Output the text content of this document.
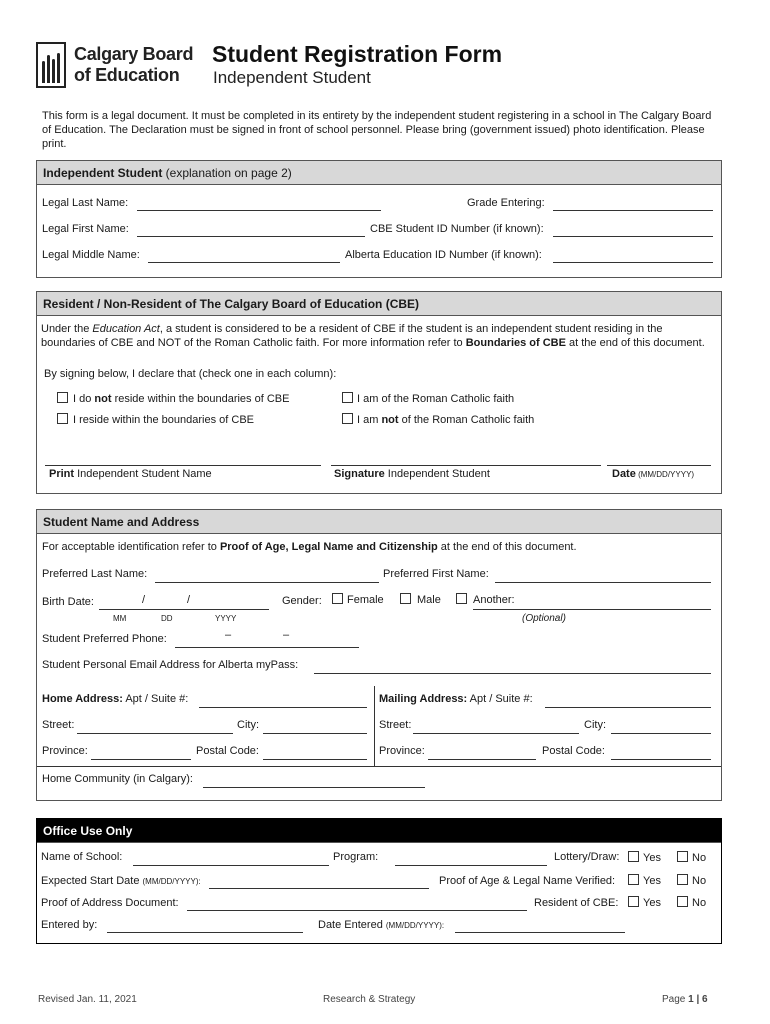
Calgary Board
of Education
Student Registration Form
Independent Student
This form is a legal document. It must be completed in its entirety by the independent student registering in a school in The Calgary Board of Education. The Declaration must be signed in front of school personnel. Please bring (government issued) photo identification. Please print.
Independent Student (explanation on page 2)
Legal Last Name:	Grade Entering:
Legal First Name:	CBE Student ID Number (if known):
Legal Middle Name:	Alberta Education ID Number (if known):
Resident / Non-Resident of The Calgary Board of Education (CBE)
Under the Education Act, a student is considered to be a resident of CBE if the student is an independent student residing in the boundaries of CBE and NOT of the Roman Catholic faith. For more information refer to Boundaries of CBE at the end of this document.
By signing below, I declare that (check one in each column):
I do not reside within the boundaries of CBE
I reside within the boundaries of CBE
I am of the Roman Catholic faith
I am not of the Roman Catholic faith
Print Independent Student Name	Signature Independent Student	Date (MM/DD/YYYY)
Student Name and Address
For acceptable identification refer to Proof of Age, Legal Name and Citizenship at the end of this document.
Preferred Last Name:	Preferred First Name:
Birth Date:	/	/
MM	DD	YYYY
Gender: Female	Male	Another:
(Optional)
Student Preferred Phone:	–	–
Student Personal Email Address for Alberta myPass:
Home Address: Apt / Suite #:	Mailing Address: Apt / Suite #:
Street:	City:	Street:	City:
Province:	Postal Code:	Province:	Postal Code:
Home Community (in Calgary):
Office Use Only
Name of School:	Program:	Lottery/Draw: Yes	No
Expected Start Date (MM/DD/YYYY):	Proof of Age & Legal Name Verified:	Yes	No
Proof of Address Document:	Resident of CBE: Yes	No
Entered by:	Date Entered (MM/DD/YYYY):
Revised Jan. 11, 2021	Research & Strategy	Page 1 | 6
